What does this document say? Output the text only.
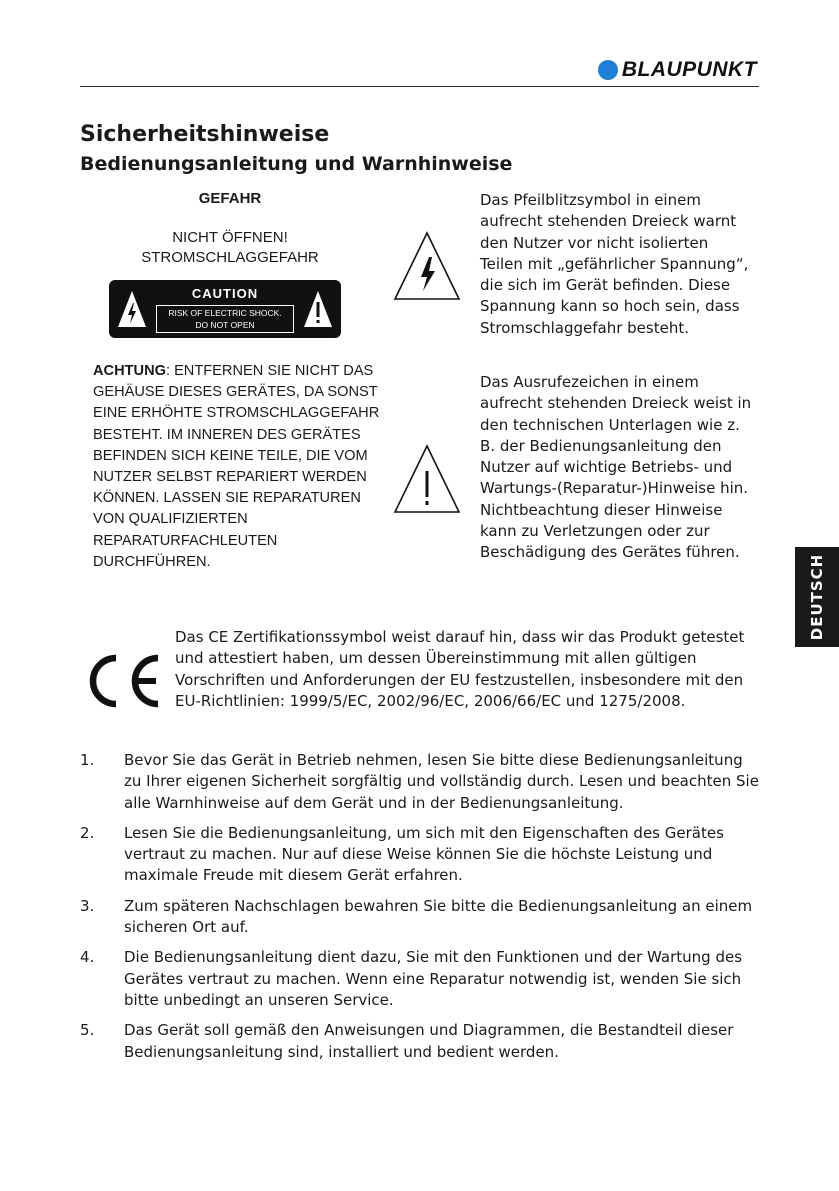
BLAUPUNKT
Sicherheitshinweise
Bedienungsanleitung und Warnhinweise
GEFAHR
NICHT ÖFFNEN!
STROMSCHLAGGEFAHR
CAUTION
RISK OF ELECTRIC SHOCK.
DO NOT OPEN
ACHTUNG: ENTFERNEN SIE NICHT DAS GEHÄUSE DIESES GERÄTES, DA SONST EINE ERHÖHTE STROMSCHLAGGEFAHR BESTEHT. IM INNEREN DES GERÄTES BEFINDEN SICH KEINE TEILE, DIE VOM NUTZER SELBST REPARIERT WERDEN KÖNNEN. LASSEN SIE REPARATUREN VON QUALIFIZIERTEN REPARATURFACHLEUTEN DURCHFÜHREN.
Das Pfeilblitzsymbol in einem aufrecht stehenden Dreieck warnt den Nutzer vor nicht isolierten Teilen mit „gefährlicher Spannung“, die sich im Gerät befinden. Diese Spannung kann so hoch sein, dass Stromschlaggefahr besteht.
Das Ausrufezeichen in einem aufrecht stehenden Dreieck weist in den technischen Unterlagen wie z. B. der Bedienungsanleitung den Nutzer auf wichtige Betriebs- und Wartungs-(Reparatur-)Hinweise hin. Nichtbeachtung dieser Hinweise kann zu Verletzungen oder zur Beschädigung des Gerätes führen.
Das CE Zertifikationssymbol weist darauf hin, dass wir das Produkt getestet und attestiert haben, um dessen Übereinstimmung mit allen gültigen Vorschriften und Anforderungen der EU festzustellen, insbesondere mit den EU-Richtlinien: 1999/5/EC, 2002/96/EC, 2006/66/EC und 1275/2008.
1. Bevor Sie das Gerät in Betrieb nehmen, lesen Sie bitte diese Bedienungsanleitung zu Ihrer eigenen Sicherheit sorgfältig und vollständig durch. Lesen und beachten Sie alle Warnhinweise auf dem Gerät und in der Bedienungsanleitung.
2. Lesen Sie die Bedienungsanleitung, um sich mit den Eigenschaften des Gerätes vertraut zu machen. Nur auf diese Weise können Sie die höchste Leistung und maximale Freude mit diesem Gerät erfahren.
3. Zum späteren Nachschlagen bewahren Sie bitte die Bedienungsanleitung an einem sicheren Ort auf.
4. Die Bedienungsanleitung dient dazu, Sie mit den Funktionen und der Wartung des Gerätes vertraut zu machen. Wenn eine Reparatur notwendig ist, wenden Sie sich bitte unbedingt an unseren Service.
5. Das Gerät soll gemäß den Anweisungen und Diagrammen, die Bestandteil dieser Bedienungsanleitung sind, installiert und bedient werden.
DEUTSCH
